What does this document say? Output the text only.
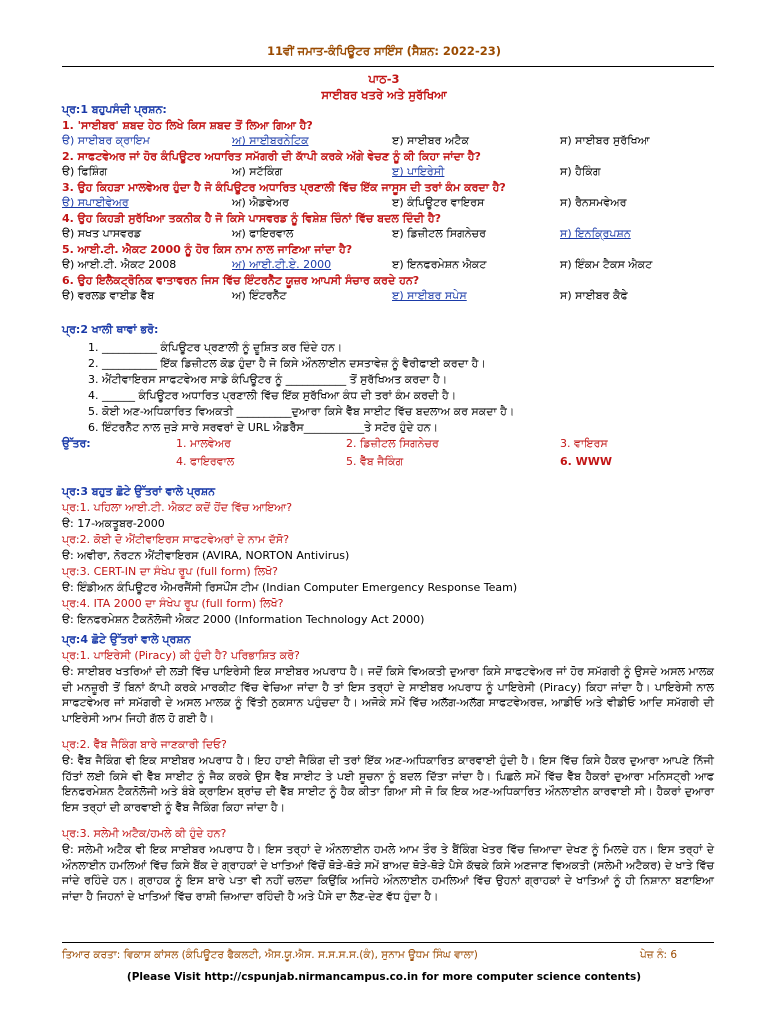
11ਵੀਂ ਜਮਾਤ-ਕੰਪਿਊਟਰ ਸਾਇੰਸ (ਸੈਸ਼ਨ: 2022-23)
ਪਾਠ-3
ਸਾਈਬਰ ਖਤਰੇ ਅਤੇ ਸੁਰੱਖਿਆ
ਪ੍ਰ:1 ਬਹੁਪਸੰਦੀ ਪ੍ਰਸ਼ਨ:
1. 'ਸਾਈਬਰ' ਸ਼ਬਦ ਹੇਠ ਲਿਖੇ ਕਿਸ ਸ਼ਬਦ ਤੋਂ ਲਿਆ ਗਿਆ ਹੈ?
ੳ) ਸਾਈਬਰ ਕ੍ਰਾਇਮ	ਅ) ਸਾਈਬਰਨੇਟਿਕ	ੲ) ਸਾਈਬਰ ਅਟੈਕ	ਸ) ਸਾਈਬਰ ਸੁਰੱਖਿਆ
2. ਸਾਫਟਵੇਅਰ ਜਾਂ ਹੋਰ ਕੰਪਿਊਟਰ ਅਧਾਰਿਤ ਸਮੱਗਰੀ ਦੀ ਕਾੱਪੀ ਕਰਕੇ ਅੱਗੇ ਵੇਚਣ ਨੂੰ ਕੀ ਕਿਹਾ ਜਾਂਦਾ ਹੈ?
ੳ) ਫਿਸ਼ਿੰਗ	ਅ) ਸਟੱਕਿੰਗ	ੲ) ਪਾਇਰੇਸੀ	ਸ) ਹੈਕਿੰਗ
3. ਉਹ ਕਿਹੜਾ ਮਾਲਵੇਅਰ ਹੁੰਦਾ ਹੈ ਜੋ ਕੰਪਿਊਟਰ ਅਧਾਰਿਤ ਪ੍ਰਣਾਲੀ ਵਿੱਚ ਇੱਕ ਜਾਸੂਸ ਦੀ ਤਰਾਂ ਕੰਮ ਕਰਦਾ ਹੈ?
ੳ) ਸਪਾਈਵੇਅਰ	ਅ) ਐਡਵੇਅਰ	ੲ) ਕੰਪਿਊਟਰ ਵਾਇਰਸ	ਸ) ਰੈਨਸਮਵੇਅਰ
4. ਉਹ ਕਿਹੜੀ ਸੁਰੱਖਿਆ ਤਕਨੀਕ ਹੈ ਜੋ ਕਿਸੇ ਪਾਸਵਰਡ ਨੂੰ ਵਿਸ਼ੇਸ਼ ਚਿੰਨਾਂ ਵਿੱਚ ਬਦਲ ਦਿੰਦੀ ਹੈ?
ੳ) ਸਖਤ ਪਾਸਵਰਡ	ਅ) ਫਾਇਰਵਾਲ	ੲ) ਡਿਜ਼ੀਟਲ ਸਿਗਨੇਚਰ	ਸ) ਇਨਕ੍ਰਿਪਸ਼ਨ
5. ਆਈ.ਟੀ. ਐਕਟ 2000 ਨੂੰ ਹੋਰ ਕਿਸ ਨਾਮ ਨਾਲ ਜਾਣਿਆ ਜਾਂਦਾ ਹੈ?
ੳ) ਆਈ.ਟੀ. ਐਕਟ 2008	ਅ) ਆਈ.ਟੀ.ਏ. 2000	ੲ) ਇਨਫਰਮੇਸ਼ਨ ਐਕਟ	ਸ) ਇੰਕਮ ਟੈਕਸ ਐਕਟ
6. ਉਹ ਇਲੈਕਟ੍ਰੋਨਿਕ ਵਾਤਾਵਰਨ ਜਿਸ ਵਿੱਚ ਇੰਟਰਨੈੱਟ ਯੂਜ਼ਰ ਆਪਸੀ ਸੰਚਾਰ ਕਰਦੇ ਹਨ?
ੳ) ਵਰਲਡ ਵਾਈਡ ਵੈੱਬ	ਅ) ਇੰਟਰਨੈੱਟ	ੲ) ਸਾਈਬਰ ਸਪੇਸ	ਸ) ਸਾਈਬਰ ਕੈਫੇ
ਪ੍ਰ:2 ਖਾਲੀ ਥਾਵਾਂ ਭਰੋ:
1. __________ ਕੰਪਿਊਟਰ ਪ੍ਰਣਾਲੀ ਨੂੰ ਦੂਸ਼ਿਤ ਕਰ ਦਿੰਦੇ ਹਨ।
2. __________ ਇੱਕ ਡਿਜ਼ੀਟਲ ਕੋਡ ਹੁੰਦਾ ਹੈ ਜੋ ਕਿਸੇ ਔਨਲਾਈਨ ਦਸਤਾਵੇਜ਼ ਨੂੰ ਵੈਰੀਫਾਈ ਕਰਦਾ ਹੈ।
3. ਐਂਟੀਵਾਇਰਸ ਸਾਫਟਵੇਅਰ ਸਾਡੇ ਕੰਪਿਊਟਰ ਨੂੰ ___________ ਤੋਂ ਸੁਰੱਖਿਅਤ ਕਰਦਾ ਹੈ।
4. ______ ਕੰਪਿਊਟਰ ਅਧਾਰਿਤ ਪ੍ਰਣਾਲੀ ਵਿੱਚ ਇੱਕ ਸੁਰੱਖਿਆ ਕੰਧ ਦੀ ਤਰਾਂ ਕੰਮ ਕਰਦੀ ਹੈ।
5. ਕੋਈ ਅਣ-ਅਧਿਕਾਰਿਤ ਵਿਅਕਤੀ __________ਦੁਆਰਾ ਕਿਸੇ ਵੈੱਬ ਸਾਈਟ ਵਿੱਚ ਬਦਲਾਅ ਕਰ ਸਕਦਾ ਹੈ।
6. ਇੰਟਰਨੈੱਟ ਨਾਲ ਜੁੜੇ ਸਾਰੇ ਸਰਵਰਾਂ ਦੇ URL ਐਡਰੈੱਸ___________ਤੇ ਸਟੋਰ ਹੁੰਦੇ ਹਨ।
ਉੱਤਰ:	1. ਮਾਲਵੇਅਰ	2. ਡਿਜ਼ੀਟਲ ਸਿਗਨੇਚਰ	3. ਵਾਇਰਸ
4. ਫਾਇਰਵਾਲ	5. ਵੈੱਬ ਜੈਕਿੰਗ	6. WWW
ਪ੍ਰ:3 ਬਹੁਤ ਛੋਟੇ ਉੱਤਰਾਂ ਵਾਲੇ ਪ੍ਰਸ਼ਨ
ਪ੍ਰ:1. ਪਹਿਲਾ ਆਈ.ਟੀ. ਐਕਟ ਕਦੋਂ ਹੋਂਦ ਵਿੱਚ ਆਇਆ?
ੳ: 17-ਅਕਤੂਬਰ-2000
ਪ੍ਰ:2. ਕੋਈ ਦੋ ਐਂਟੀਵਾਇਰਸ ਸਾਫਟਵੇਅਰਾਂ ਦੇ ਨਾਮ ਦੱਸੋ?
ੳ: ਅਵੀਰਾ, ਨੋਰਟਨ ਐਂਟੀਵਾਇਰਸ (AVIRA, NORTON Antivirus)
ਪ੍ਰ:3. CERT-IN ਦਾ ਸੰਖੇਪ ਰੂਪ (full form) ਲਿਖੋ?
ੳ: ਇੰਡੀਅਨ ਕੰਪਿਊਟਰ ਐਮਰਜੈਂਸੀ ਰਿਸਪੌਂਸ ਟੀਮ (Indian Computer Emergency Response Team)
ਪ੍ਰ:4. ITA 2000 ਦਾ ਸੰਖੇਪ ਰੂਪ (full form) ਲਿਖੋ?
ੳ: ਇਨਫਰਮੇਸ਼ਨ ਟੈਕਨੋਲੋਜੀ ਐਕਟ 2000 (Information Technology Act 2000)
ਪ੍ਰ:4 ਛੋਟੇ ਉੱਤਰਾਂ ਵਾਲੇ ਪ੍ਰਸ਼ਨ
ਪ੍ਰ:1. ਪਾਇਰੇਸੀ (Piracy) ਕੀ ਹੁੰਦੀ ਹੈ? ਪਰਿਭਾਸ਼ਿਤ ਕਰੋ?
ੳ: ਸਾਈਬਰ ਖਤਰਿਆਂ ਦੀ ਲੜੀ ਵਿੱਚ ਪਾਇਰੇਸੀ ਇਕ ਸਾਈਬਰ ਅਪਰਾਧ ਹੈ। ਜਦੋਂ ਕਿਸੇ ਵਿਅਕਤੀ ਦੁਆਰਾ ਕਿਸੇ ਸਾਫਟਵੇਅਰ ਜਾਂ ਹੋਰ ਸਮੱਗਰੀ ਨੂੰ ਉਸਦੇ ਅਸਲ ਮਾਲਕ ਦੀ ਮਨਜ਼ੂਰੀ ਤੋਂ ਬਿਨਾਂ ਕਾੱਪੀ ਕਰਕੇ ਮਾਰਕੀਟ ਵਿੱਚ ਵੇਚਿਆ ਜਾਂਦਾ ਹੈ ਤਾਂ ਇਸ ਤਰ੍ਹਾਂ ਦੇ ਸਾਈਬਰ ਅਪਰਾਧ ਨੂੰ ਪਾਇਰੇਸੀ (Piracy) ਕਿਹਾ ਜਾਂਦਾ ਹੈ। ਪਾਇਰੇਸੀ ਨਾਲ ਸਾਫਟਵੇਅਰ ਜਾਂ ਸਮੱਗਰੀ ਦੇ ਅਸਲ ਮਾਲਕ ਨੂੰ ਵਿੱਤੀ ਨੁਕਸਾਨ ਪਹੁੰਚਦਾ ਹੈ। ਅਜੋਕੇ ਸਮੇਂ ਵਿੱਚ ਅਲੱਗ-ਅਲੱਗ ਸਾਫਟਵੇਅਰਜ਼, ਆਡੀਓ ਅਤੇ ਵੀਡੀਓ ਆਦਿ ਸਮੱਗਰੀ ਦੀ ਪਾਇਰੇਸੀ ਆਮ ਜਿਹੀ ਗੱਲ ਹੋ ਗਈ ਹੈ।
ਪ੍ਰ:2. ਵੈੱਬ ਜੈਕਿੰਗ ਬਾਰੇ ਜਾਣਕਾਰੀ ਦਿਓ?
ੳ: ਵੈੱਬ ਜੈਕਿੰਗ ਵੀ ਇਕ ਸਾਈਬਰ ਅਪਰਾਧ ਹੈ। ਇਹ ਹਾਈ ਜੈਕਿੰਗ ਦੀ ਤਰਾਂ ਇੱਕ ਅਣ-ਅਧਿਕਾਰਿਤ ਕਾਰਵਾਈ ਹੁੰਦੀ ਹੈ। ਇਸ ਵਿੱਚ ਕਿਸੇ ਹੈਕਰ ਦੁਆਰਾ ਆਪਣੇ ਨਿੱਜੀ ਹਿੱਤਾਂ ਲਈ ਕਿਸੇ ਵੀ ਵੈੱਬ ਸਾਈਟ ਨੂੰ ਜੈਕ ਕਰਕੇ ਉਸ ਵੈੱਬ ਸਾਈਟ ਤੇ ਪਈ ਸੂਚਨਾ ਨੂੰ ਬਦਲ ਦਿੱਤਾ ਜਾਂਦਾ ਹੈ। ਪਿਛਲੇ ਸਮੇਂ ਵਿੱਚ ਵੈੱਬ ਹੈਕਰਾਂ ਦੁਆਰਾ ਮਨਿਸਟ੍ਰੀ ਆਫ ਇਨਫਰਮੇਸ਼ਨ ਟੈਕਨੋਲੋਜੀ ਅਤੇ ਬੰਬੇ ਕ੍ਰਾਇਮ ਬ੍ਰਾਂਚ ਦੀ ਵੈੱਬ ਸਾਈਟ ਨੂੰ ਹੈਕ ਕੀਤਾ ਗਿਆ ਸੀ ਜੋ ਕਿ ਇਕ ਅਣ-ਅਧਿਕਾਰਿਤ ਔਨਲਾਈਨ ਕਾਰਵਾਈ ਸੀ। ਹੈਕਰਾਂ ਦੁਆਰਾ ਇਸ ਤਰ੍ਹਾਂ ਦੀ ਕਾਰਵਾਈ ਨੂੰ ਵੈੱਬ ਜੈਕਿੰਗ ਕਿਹਾ ਜਾਂਦਾ ਹੈ।
ਪ੍ਰ:3. ਸਲੇਮੀ ਅਟੈਕ/ਹਮਲੇ ਕੀ ਹੁੰਦੇ ਹਨ?
ੳ: ਸਲੇਮੀ ਅਟੈਕ ਵੀ ਇਕ ਸਾਈਬਰ ਅਪਰਾਧ ਹੈ। ਇਸ ਤਰ੍ਹਾਂ ਦੇ ਔਨਲਾਈਨ ਹਮਲੇ ਆਮ ਤੌਰ ਤੇ ਬੈਂਕਿੰਗ ਖੇਤਰ ਵਿੱਚ ਜ਼ਿਆਦਾ ਦੇਖਣ ਨੂੰ ਮਿਲਦੇ ਹਨ। ਇਸ ਤਰ੍ਹਾਂ ਦੇ ਔਨਲਾਈਨ ਹਮਲਿਆਂ ਵਿੱਚ ਕਿਸੇ ਬੈਂਕ ਦੇ ਗ੍ਰਾਹਕਾਂ ਦੇ ਖਾਤਿਆਂ ਵਿੱਚੋਂ ਥੋੜੇ-ਥੋੜੇ ਸਮੇਂ ਬਾਅਦ ਥੋੜੇ-ਥੋੜੇ ਪੈਸੇ ਕੱਢਕੇ ਕਿਸੇ ਅਣਜਾਣ ਵਿਅਕਤੀ (ਸਲੇਮੀ ਅਟੈਕਰ) ਦੇ ਖਾਤੇ ਵਿੱਚ ਜਾਂਦੇ ਰਹਿੰਦੇ ਹਨ। ਗ੍ਰਾਹਕ ਨੂੰ ਇਸ ਬਾਰੇ ਪਤਾ ਵੀ ਨਹੀਂ ਚਲਦਾ ਕਿਉਂਕਿ ਅਜਿਹੇ ਔਨਲਾਈਨ ਹਮਲਿਆਂ ਵਿੱਚ ਉਹਨਾਂ ਗ੍ਰਾਹਕਾਂ ਦੇ ਖਾਤਿਆਂ ਨੂੰ ਹੀ ਨਿਸ਼ਾਨਾ ਬਣਾਇਆ ਜਾਂਦਾ ਹੈ ਜਿਹਨਾਂ ਦੇ ਖਾਤਿਆਂ ਵਿੱਚ ਰਾਸ਼ੀ ਜ਼ਿਆਦਾ ਰਹਿੰਦੀ ਹੈ ਅਤੇ ਪੈਸੇ ਦਾ ਲੈਣ-ਦੇਣ ਵੱਧ ਹੁੰਦਾ ਹੈ।
ਤਿਆਰ ਕਰਤਾ: ਵਿਕਾਸ ਕਾਂਸਲ (ਕੰਪਿਊਟਰ ਫੈਕਲਟੀ, ਐਸ.ਯੂ.ਐਸ. ਸ.ਸ.ਸ.ਸ.(ਕੰ), ਸੁਨਾਮ ਊਧਮ ਸਿੰਘ ਵਾਲਾ)	ਪੇਜ਼ ਨੰ: 6
(Please Visit http://cspunjab.nirmancampus.co.in for more computer science contents)
